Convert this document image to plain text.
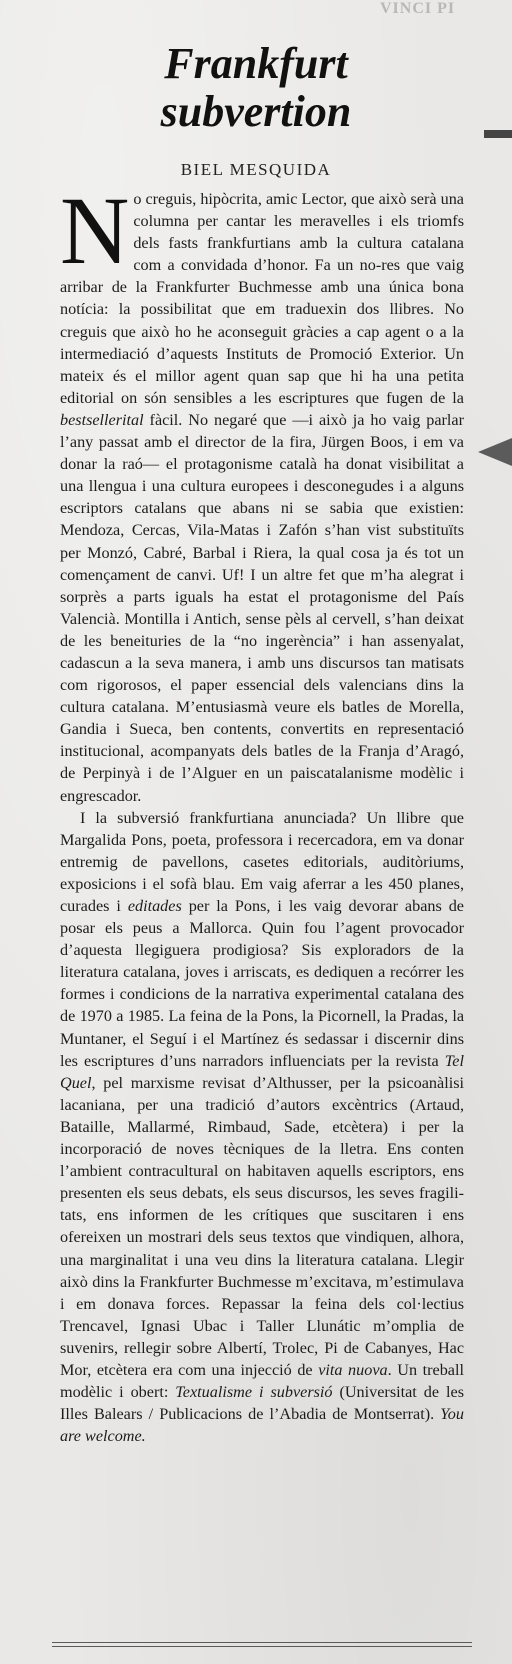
VINCI PI
Frankfurt
subvertion
BIEL MESQUIDA

No creguis, hipòcrita, amic Lector, que això serà una columna per cantar les meravelles i els triomfs dels fasts frankfurtians amb la cultura catalana com a convidada d’honor. Fa un no-res que vaig arribar de la Frankfurter Buchmesse amb una única bona notícia: la possibilitat que em traduexin dos llibres. No creguis que això ho he aconseguit gràcies a cap agent o a la intermediació d’aquests Instituts de Promoció Exterior. Un mateix és el millor agent quan sap que hi ha una petita editorial on són sensibles a les escriptures que fugen de la bestsellerital fàcil. No negaré que —i això ja ho vaig parlar l’any passat amb el director de la fira, Jürgen Boos, i em va donar la raó— el protagonisme català ha donat visibilitat a una llengua i una cultura europees i desconegudes i a alguns escriptors catalans que abans ni se sabia que existien: Mendoza, Cercas, Vila-Matas i Zafón s’han vist substituïts per Monzó, Cabré, Barbal i Riera, la qual cosa ja és tot un començament de canvi. Uf! I un altre fet que m’ha alegrat i sorprès a parts iguals ha estat el protagonisme del País Valencià. Montilla i Antich, sense pèls al cervell, s’han deixat de les beneituries de la “no ingerència” i han assenyalat, cadascun a la seva manera, i amb uns discursos tan matisats com rigorosos, el paper essencial dels valencians dins la cultura catalana. M’entusiasmà veure els batles de Morella, Gandia i Sueca, ben contents, convertits en representació institucional, acompanyats dels batles de la Franja d’Aragó, de Perpinyà i de l’Alguer en un paiscatalanisme modèlic i engrescador.

I la subversió frankfurtiana anunciada? Un llibre que Margalida Pons, poeta, professora i recercadora, em va donar entremig de pavellons, casetes editorials, auditòriums, exposicions i el sofà blau. Em vaig aferrar a les 450 planes, curades i editades per la Pons, i les vaig devorar abans de posar els peus a Mallorca. Quin fou l’agent provocador d’aquesta llegiguera prodigiosa? Sis exploradors de la literatura catalana, joves i arriscats, es dediquen a recórrer les formes i condicions de la narrativa experimental catalana des de 1970 a 1985. La feina de la Pons, la Picornell, la Pradas, la Muntaner, el Seguí i el Martínez és sedassar i discernir dins les escriptures d’uns narradors influenciats per la revista Tel Quel, pel marxisme revisat d’Althusser, per la psicoanàlisi lacaniana, per una tradició d’autors excèntrics (Artaud, Bataille, Mallarmé, Rimbaud, Sade, etcètera) i per la incorporació de noves tècniques de la lletra. Ens conten l’ambient contracultural on habitaven aquells escriptors, ens presenten els seus debats, els seus discursos, les seves fragilitats, ens informen de les crítiques que suscitaren i ens ofereixen un mostrari dels seus textos que vindiquen, alhora, una marginalitat i una veu dins la literatura catalana. Llegir això dins la Frankfurter Buchmesse m’excitava, m’estimulava i em donava forces. Repassar la feina dels col·lectius Trencavel, Ignasi Ubac i Taller Llunátic m’omplia de suvenirs, rellegir sobre Albertí, Trolec, Pi de Cabanyes, Hac Mor, etcètera era com una injecció de vita nuova. Un treball modèlic i obert: Textualisme i subversió (Universitat de les Illes Balears / Publicacions de l’Abadia de Montserrat). You are welcome.
